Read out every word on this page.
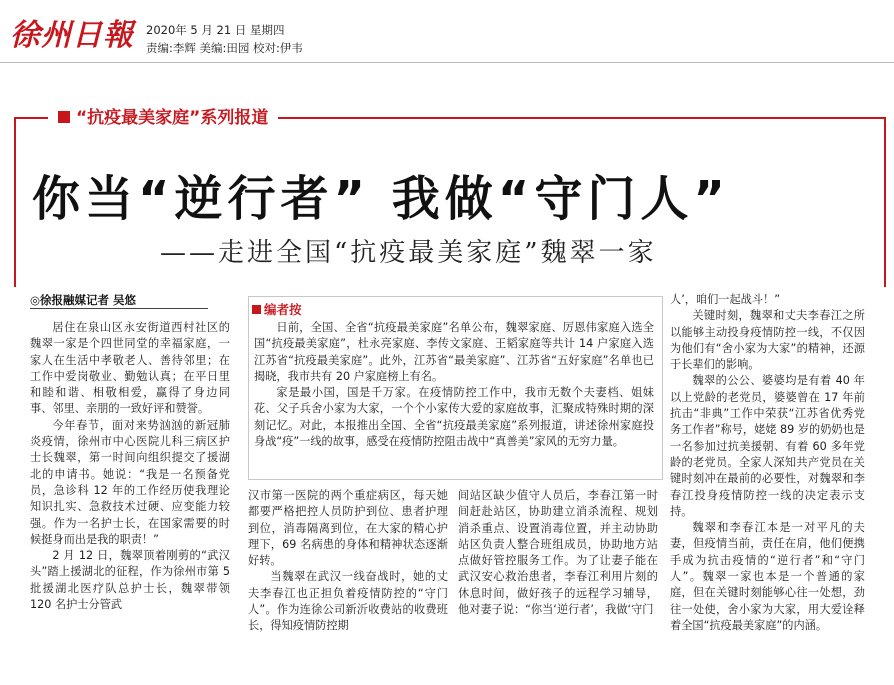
徐州日報 2020年 5 月 21 日 星期四
责编:李辉 美编:田园 校对:伊韦
“抗疫最美家庭”系列报道
你当“逆行者” 我做“守门人”
——走进全国“抗疫最美家庭”魏翠一家
◎徐报融媒记者 吴悠

居住在泉山区永安街道西村社区的魏翠一家是个四世同堂的幸福家庭，一家人在生活中孝敬老人、善待邻里；在工作中爱岗敬业、勤勉认真；在平日里和睦和谐、相敬相爱，赢得了身边同事、邻里、亲朋的一致好评和赞誉。

今年春节，面对来势汹汹的新冠肺炎疫情，徐州市中心医院儿科三病区护士长魏翠，第一时间向组织提交了援湖北的申请书。她说：“我是一名预备党员，急诊科 12 年的工作经历使我理论知识扎实、急救技术过硬、应变能力较强。作为一名护士长，在国家需要的时候挺身而出是我的职责！”

2 月 12 日，魏翠顶着刚剪的“武汉头”踏上援湖北的征程，作为徐州市第 5 批援湖北医疗队总护士长，魏翠带领 120 名护士分管武

编者按

日前，全国、全省“抗疫最美家庭”名单公布，魏翠家庭、厉恩伟家庭入选全国“抗疫最美家庭”，杜永亮家庭、李传文家庭、王韬家庭等共计 14 户家庭入选江苏省“抗疫最美家庭”。此外，江苏省“最美家庭”、江苏省“五好家庭”名单也已揭晓，我市共有 20 户家庭榜上有名。

家是最小国，国是千万家。在疫情防控工作中，我市无数个夫妻档、姐妹花、父子兵舍小家为大家，一个个小家传大爱的家庭故事，汇聚成特殊时期的深刻记忆。对此，本报推出全国、全省“抗疫最美家庭”系列报道，讲述徐州家庭投身战“疫”一线的故事，感受在疫情防控阻击战中“真善美”家风的无穷力量。

汉市第一医院的两个重症病区，每天她都要严格把控人员防护到位、患者护理到位，消毒隔离到位，在大家的精心护理下，69 名病患的身体和精神状态逐渐好转。

当魏翠在武汉一线奋战时，她的丈夫李春江也正担负着疫情防控的“守门人”。作为连徐公司新沂收费站的收费班长，得知疫情防控期

间站区缺少值守人员后，李春江第一时间赶赴站区，协助建立消杀流程、规划消杀重点、设置消毒位置，并主动协助站区负责人整合班组成员，协助地方站点做好管控服务工作。为了让妻子能在武汉安心救治患者，李春江利用片刻的休息时间，做好孩子的远程学习辅导，他对妻子说：“你当‘逆行者’，我做‘守门

人’，咱们一起战斗！”

关键时刻，魏翠和丈夫李春江之所以能够主动投身疫情防控一线，不仅因为他们有“舍小家为大家”的精神，还源于长辈们的影响。

魏翠的公公、婆婆均是有着 40 年以上党龄的老党员，婆婆曾在 17 年前抗击“非典”工作中荣获“江苏省优秀党务工作者”称号，姥姥 89 岁的奶奶也是一名参加过抗美援朝、有着 60 多年党龄的老党员。全家人深知共产党员在关键时刻冲在最前的必要性，对魏翠和李春江投身疫情防控一线的决定表示支持。

魏翠和李春江本是一对平凡的夫妻，但疫情当前，责任在肩，他们便携手成为抗击疫情的“逆行者”和“守门人”。魏翠一家也本是一个普通的家庭，但在关键时刻能够心往一处想，劲往一处使，舍小家为大家，用大爱诠释着全国“抗疫最美家庭”的内涵。
